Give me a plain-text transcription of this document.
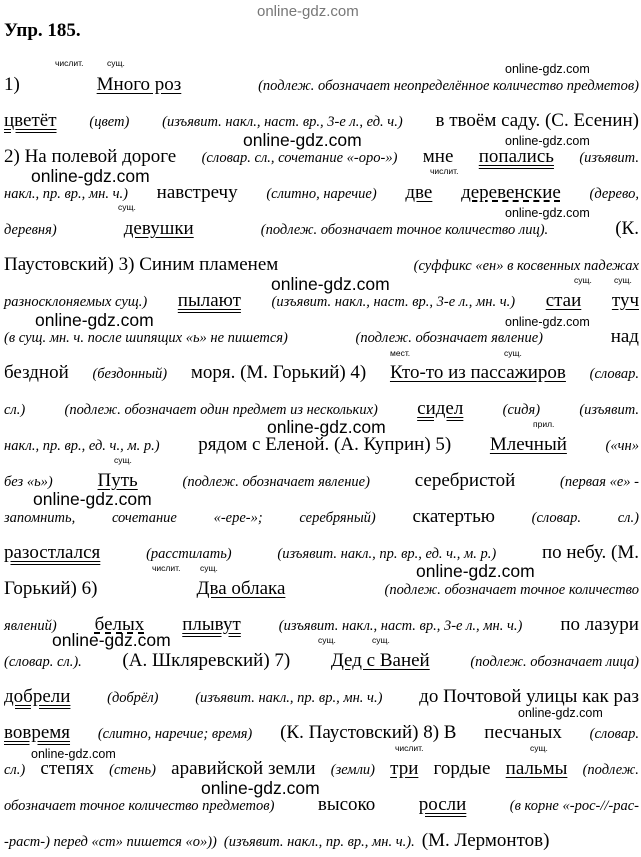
online-gdz.com
Упр. 185.
1)	Много роз	(подлеж. обозначает неопределённое количество предметов)
цветёт (цвет) (изъявит. накл., наст. вр., 3-е л., ед. ч.) в твоём саду. (С. Есенин)
2) На полевой дороге (словар. сл., сочетание «-оро-») мне попались (изъявит.
накл., пр. вр., мн. ч.) навстречу (слитно, наречие) две деревенские (дерево,
деревня)	девушки	(подлеж. обозначает точное количество лиц).	(К.
Паустовский) 3) Синим пламенем	(суффикс «ен» в косвенных падежах
разносклоняемых сущ.) пылают (изъявит. накл., наст. вр., 3-е л., мн. ч.) стаи туч
(в сущ. мн. ч. после шипящих «ь» не пишется)	(подлеж. обозначает явление)	над
бездной (бездонный) моря. (М. Горький) 4) Кто-то из пассажиров (словар.
сл.)	(подлеж. обозначает один предмет из нескольких) сидел	(сидя)	(изъявит.
накл., пр. вр., ед. ч., м. р.) рядом с Еленой. (А. Куприн) 5) Млечный	(«чн»
без «ь») Путь	(подлеж. обозначает явление) серебристой	(первая «е» -
запомнить,	сочетание	«-ере-»;	серебряный) скатертью	(словар.	сл.)
разостлался	(расстилать)	(изъявит. накл., пр. вр., ед. ч., м. р.) по небу. (М.
Горький) 6)	Два облака	(подлеж. обозначает точное количество
явлений) белых плывут	(изъявит. накл., наст. вр., 3-е л., мн. ч.) по лазури
(словар. сл.). (А. Шкляревский) 7) Дед с Ваней	(подлеж. обозначает лица)
добрели	(добрёл)	(изъявит. накл., пр. вр., мн. ч.) до Почтовой улицы как раз
вовремя (слитно, наречие; время) (К. Паустовский) 8) В песчаных (словар.
сл.) степях (стень) аравийской земли (земли) три гордые пальмы (подлеж.
обозначает точное количество предметов) высоко росли	(в корне «-рос-//-рас-
-раст-) перед «ст» пишется «о»)) (изъявит. накл., пр. вр., мн. ч.). (М. Лермонтов)
числит.	сущ.
числит.
сущ.
сущ.	сущ.
мест.	сущ.
прил.
сущ.
числит. сущ.
сущ.	сущ.
числит.	сущ.
online-gdz.com
online-gdz.com
online-gdz.com
online-gdz.com
online-gdz.com
online-gdz.com
online-gdz.com
online-gdz.com
online-gdz.com
online-gdz.com
online-gdz.com
online-gdz.com
online-gdz.com
online-gdz.com
online-gdz.com
